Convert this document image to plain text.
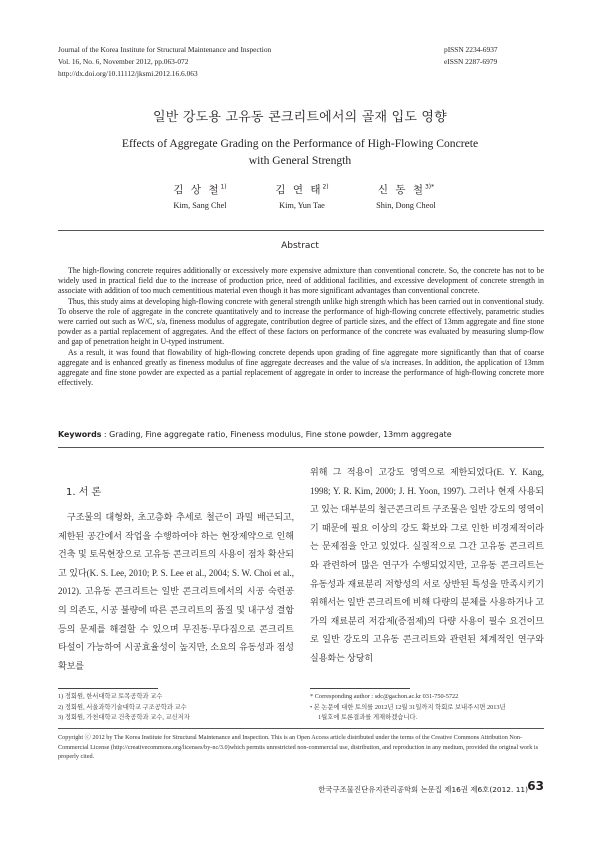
Journal of the Korea Institute for Structural Maintenance and Inspection
Vol. 16, No. 6, November 2012, pp.063-072
http://dx.doi.org/10.11112/jksmi.2012.16.6.063
pISSN 2234-6937
eISSN 2287-6979
일반 강도용 고유동 콘크리트에서의 골재 입도 영향
Effects of Aggregate Grading on the Performance of High-Flowing Concrete
with General Strength
김 상 철$^{1)}$
Kim, Sang Chel
김 연 태$^{2)}$
Kim, Yun Tae
신 동 철$^{3)*}$
Shin, Dong Cheol
Abstract

The high-flowing concrete requires additionally or excessively more expensive admixture than conventional concrete. So, the concrete has not to be widely used in practical field due to the increase of production price, need of additional facilities, and excessive development of concrete strength in associate with addition of too much cementitious material even though it has more significant advantages than conventional concrete.

Thus, this study aims at developing high-flowing concrete with general strength unlike high strength which has been carried out in conventional study. To observe the role of aggregate in the concrete quantitatively and to increase the performance of high-flowing concrete effectively, parametric studies were carried out such as W/C, s/a, fineness modulus of aggregate, contribution degree of particle sizes, and the effect of 13mm aggregate and fine stone powder as a partial replacement of aggregates. And the effect of these factors on performance of the concrete was evaluated by measuring slump-flow and gap of penetration height in U-typed instrument.

As a result, it was found that flowability of high-flowing concrete depends upon grading of fine aggregate more significantly than that of coarse aggregate and is enhanced greatly as fineness modulus of fine aggregate decreases and the value of s/a increases. In addition, the application of 13mm aggregate and fine stone powder are expected as a partial replacement of aggregate in order to increase the performance of high-flowing concrete more effectively.

Keywords : Grading, Fine aggregate ratio, Fineness modulus, Fine stone powder, 13mm aggregate
1. 서 론

구조물의 대형화, 초고층화 추세로 철근이 과밀 배근되고, 제한된 공간에서 작업을 수행하여야 하는 현장제약으로 인해 건축 및 토목현장으로 고유동 콘크리트의 사용이 점차 확산되고 있다(K. S. Lee, 2010; P. S. Lee et al., 2004; S. W. Choi et al., 2012). 고유동 콘크리트는 일반 콘크리트에서의 시공 숙련공의 의존도, 시공 불량에 따른 콘크리트의 품질 및 내구성 결함 등의 문제를 해결할 수 있으며 무진동·무다짐으로 콘크리트 타설이 가능하여 시공효율성이 높지만, 소요의 유동성과 점성 확보를

위해 그 적용이 고강도 영역으로 제한되었다(E. Y. Kang, 1998; Y. R. Kim, 2000; J. H. Yoon, 1997). 그러나 현재 사용되고 있는 대부분의 철근콘크리트 구조물은 일반 강도의 영역이기 때문에 필요 이상의 강도 확보와 그로 인한 비경제적이라는 문제점을 안고 있었다. 실질적으로 그간 고유동 콘크리트와 관련하여 많은 연구가 수행되었지만, 고유동 콘크리트는 유동성과 재료분리 저항성의 서로 상반된 특성을 만족시키기 위해서는 일반 콘크리트에 비해 다량의 분체를 사용하거나 고가의 재료분리 저감제(증점제)의 다량 사용이 필수 요건이므로 일반 강도의 고유동 콘크리트와 관련된 체계적인 연구와 실용화는 상당히

1) 정회원, 한서대학교 토목공학과 교수
2) 정회원, 서울과학기술대학교 구조공학과 교수
3) 정회원, 가천대학교 건축공학과 교수, 교신저자
* Corresponding author : sdc@gachon.ac.kr 031-750-5722
• 본 논문에 대한 토의를 2012년 12월 31일까지 학회로 보내주시면 2013년
1월호에 토론결과를 게재하겠습니다.
Copyright ⓒ 2012 by The Korea Institute for Structural Maintenance and Inspection. This is an Open Access article distributed under the terms of the Creative Commons Attribution Non-Commercial License (http://creativecommons.org/licenses/by-nc/3.0)which permits unrestricted non-commercial use, distribution, and reproduction in any medium, provided the original work is properly cited.
한국구조물진단유지관리공학회 논문집 제16권 제6호(2012. 11) 63
